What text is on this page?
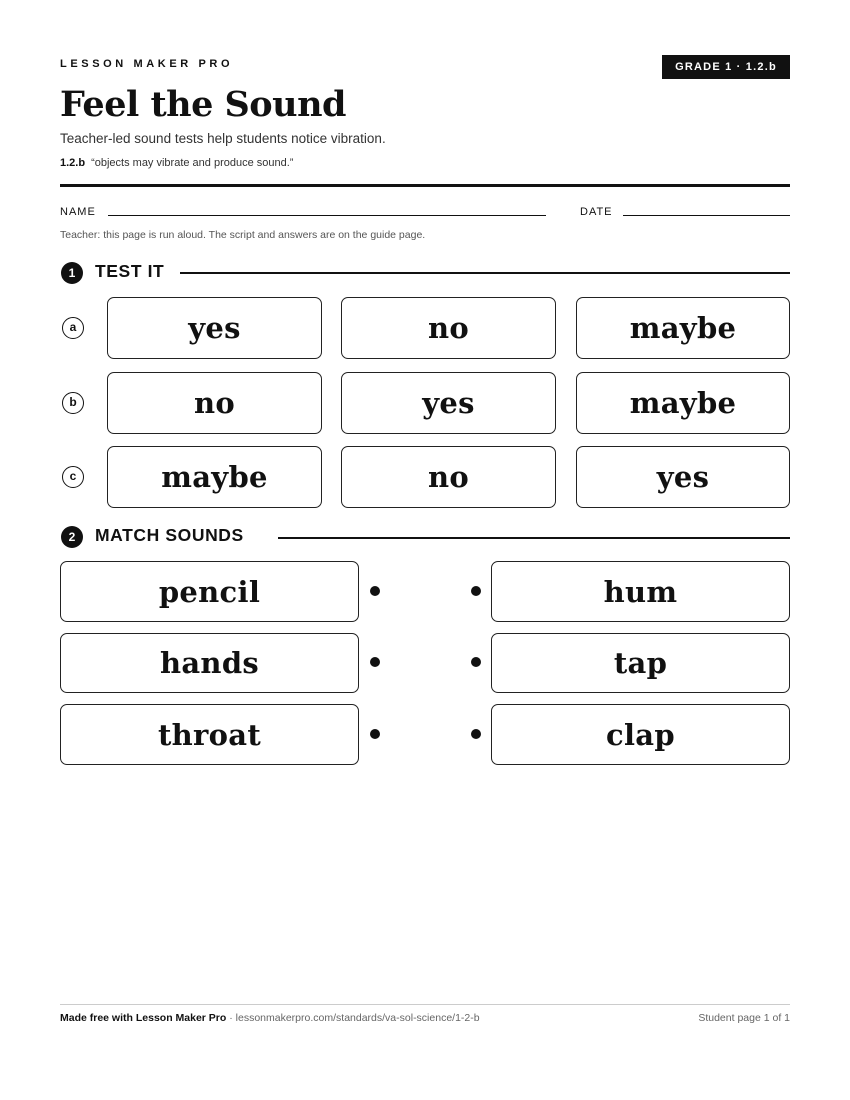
LESSON MAKER PRO	GRADE 1 · 1.2.b
Feel the Sound
Teacher-led sound tests help students notice vibration.
1.2.b “objects may vibrate and produce sound.”
NAME	DATE
Teacher: this page is run aloud. The script and answers are on the guide page.
1	TEST IT
a	yes	no	maybe
b	no	yes	maybe
c	maybe	no	yes
2	MATCH SOUNDS
pencil	hum
hands	tap
throat	clap
Made free with Lesson Maker Pro · lessonmakerpro.com/standards/va-sol-science/1-2-b	Student page 1 of 1
